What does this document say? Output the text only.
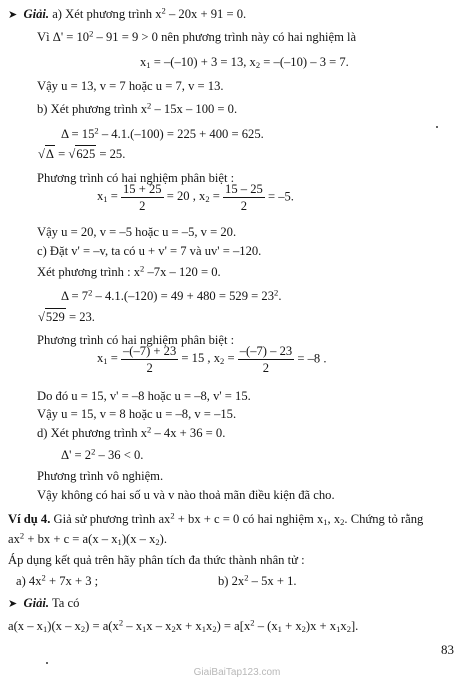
➤ Giải. a) Xét phương trình $x^2 - 20x + 91 = 0$.
Vì $\Delta' = 10^2 - 91 = 9 > 0$ nên phương trình này có hai nghiệm là
$x_1 = -(-10) + 3 = 13$, $x_2 = -(-10) - 3 = 7$.
Vậy u = 13, v = 7 hoặc u = 7, v = 13.
b) Xét phương trình $x^2 - 15x - 100 = 0$.
$\Delta = 15^2 - 4.1.(-100) = 225 + 400 = 625$.
√Δ = √625 = 25.
Phương trình có hai nghiệm phân biệt :
$x_1 = \frac{15 + 25}{2} = 20$ , $x_2 = \frac{15 - 25}{2} = -5$.
Vậy u = 20, v = –5 hoặc u = –5, v = 20.
c) Đặt v' = –v, ta có u + v' = 7 và uv' = –120.
Xét phương trình : $x^2$ –7x – 120 = 0.
$\Delta = 7^2 - 4.1.(-120) = 49 + 480 = 529 = 23^2$.
√529 = 23.
Phương trình có hai nghiệm phân biệt :
$x_1 = \frac{-(-7) + 23}{2} = 15$ , $x_2 = \frac{-(-7) - 23}{2} = -8$ .
Do đó u = 15, v' = –8 hoặc u = –8, v' = 15.
Vậy u = 15, v = 8 hoặc u = –8, v = –15.
d) Xét phương trình $x^2 - 4x + 36 = 0$.
$\Delta' = 2^2 - 36 < 0$.
Phương trình vô nghiệm.
Vậy không có hai số u và v nào thoả mãn điều kiện đã cho.
Ví dụ 4. Giả sử phương trình $ax^2$ + bx + c = 0 có hai nghiệm $x_1$, $x_2$. Chứng tỏ rằng
$ax^2$ + bx + $c = a(x - x_1)(x - x_2)$.
Áp dụng kết quả trên hãy phân tích đa thức thành nhân tử :
a) $4x^2 + 7x + 3$ ;	b) $2x^2 - 5x + 1$.
➤ Giải. Ta có
$a(x - x_1)(x - x_2) = a(x^2 - x_1x - x_2x + x_1x_2) = a[x^2 - (x_1 + x_2)x + x_1x_2]$.
83
GiaiBaiTap123.com
